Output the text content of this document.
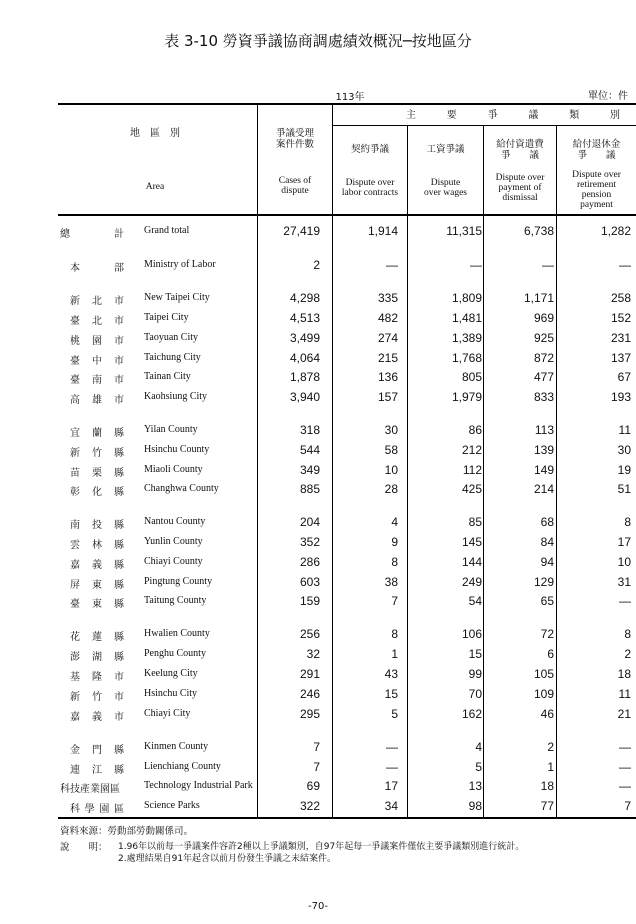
表 3-10 勞資爭議協商調處績效概況─按地區分
113年	單位：件
地　區　別
Area
爭議受理
案件件數
Cases of
dispute
主	要	爭	議	類	別
契約爭議
Dispute over
labor contracts
工資爭議
Dispute
over wages
給付資遣費
爭　　議
Dispute over
payment of
dismissal
給付退休金
爭　　議
Dispute over
retirement
pension
payment
總	計 Grand total	27,419	1,914	11,315	6,738	1,282
本	部 Ministry of Labor	2	—	—	—	—
新 北 市 New Taipei City	4,298	335	1,809	1,171	258
臺 北 市 Taipei City	4,513	482	1,481	969	152
桃 園 市 Taoyuan City	3,499	274	1,389	925	231
臺 中 市 Taichung City	4,064	215	1,768	872	137
臺 南 市 Tainan City	1,878	136	805	477	67
高 雄 市 Kaohsiung City	3,940	157	1,979	833	193
宜 蘭 縣 Yilan County	318	30	86	113	11
新 竹 縣 Hsinchu County	544	58	212	139	30
苗 栗 縣 Miaoli County	349	10	112	149	19
彰 化 縣 Changhwa County	885	28	425	214	51
南 投 縣 Nantou County	204	4	85	68	8
雲 林 縣 Yunlin County	352	9	145	84	17
嘉 義 縣 Chiayi County	286	8	144	94	10
屏 東 縣 Pingtung County	603	38	249	129	31
臺 東 縣 Taitung County	159	7	54	65	—
花 蓮 縣 Hwalien County	256	8	106	72	8
澎 湖 縣 Penghu County	32	1	15	6	2
基 隆 市 Keelung City	291	43	99	105	18
新 竹 市 Hsinchu City	246	15	70	109	11
嘉 義 市 Chiayi City	295	5	162	46	21
金 門 縣 Kinmen County	7	—	4	2	—
連 江 縣 Lienchiang County	7	—	5	1	—
科 技 產 業 園 區 Technology Industrial Park	69	17	13	18	—
科 學 園 區 Science Parks	322	34	98	77	7
資料來源：勞動部勞動關係司。
說　　明： 1.96年以前每一爭議案件容許2種以上爭議類別，自97年起每一爭議案件僅依主要爭議類別進行統計。
2.處理結果自91年起含以前月份發生爭議之未結案件。
-70-
